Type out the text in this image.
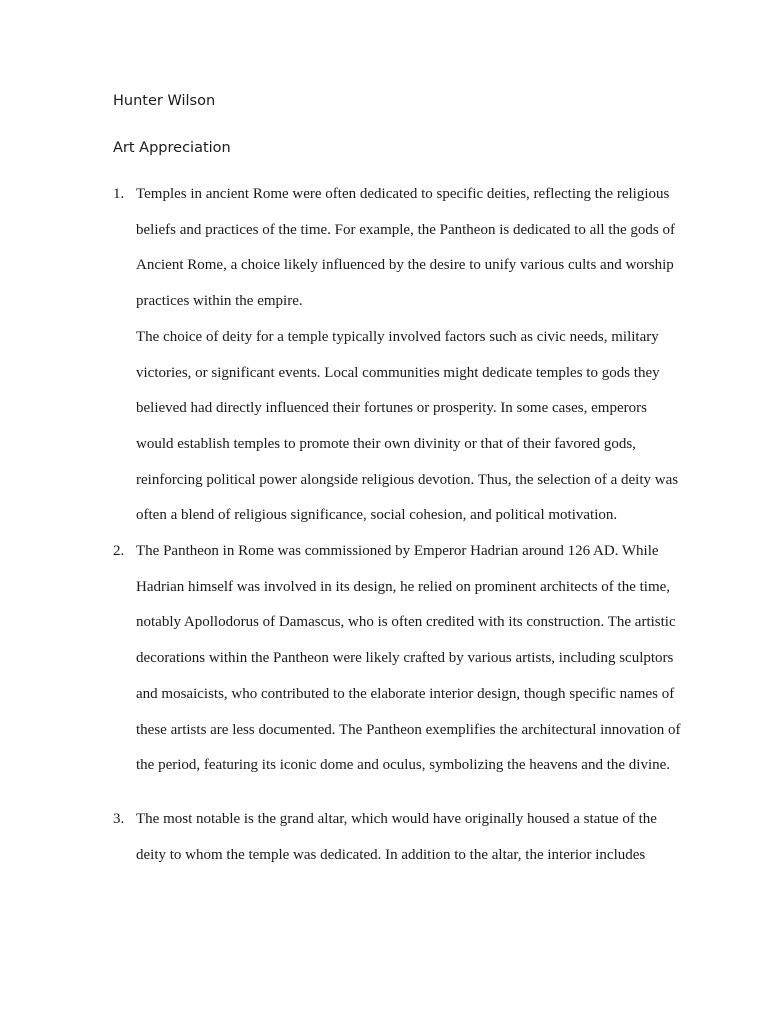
Hunter Wilson
Art Appreciation
1. Temples in ancient Rome were often dedicated to specific deities, reflecting the religious beliefs and practices of the time. For example, the Pantheon is dedicated to all the gods of Ancient Rome, a choice likely influenced by the desire to unify various cults and worship practices within the empire.

The choice of deity for a temple typically involved factors such as civic needs, military victories, or significant events. Local communities might dedicate temples to gods they believed had directly influenced their fortunes or prosperity. In some cases, emperors would establish temples to promote their own divinity or that of their favored gods, reinforcing political power alongside religious devotion. Thus, the selection of a deity was often a blend of religious significance, social cohesion, and political motivation.

2. The Pantheon in Rome was commissioned by Emperor Hadrian around 126 AD. While Hadrian himself was involved in its design, he relied on prominent architects of the time, notably Apollodorus of Damascus, who is often credited with its construction. The artistic decorations within the Pantheon were likely crafted by various artists, including sculptors and mosaicists, who contributed to the elaborate interior design, though specific names of these artists are less documented. The Pantheon exemplifies the architectural innovation of the period, featuring its iconic dome and oculus, symbolizing the heavens and the divine.

3. The most notable is the grand altar, which would have originally housed a statue of the deity to whom the temple was dedicated. In addition to the altar, the interior includes
